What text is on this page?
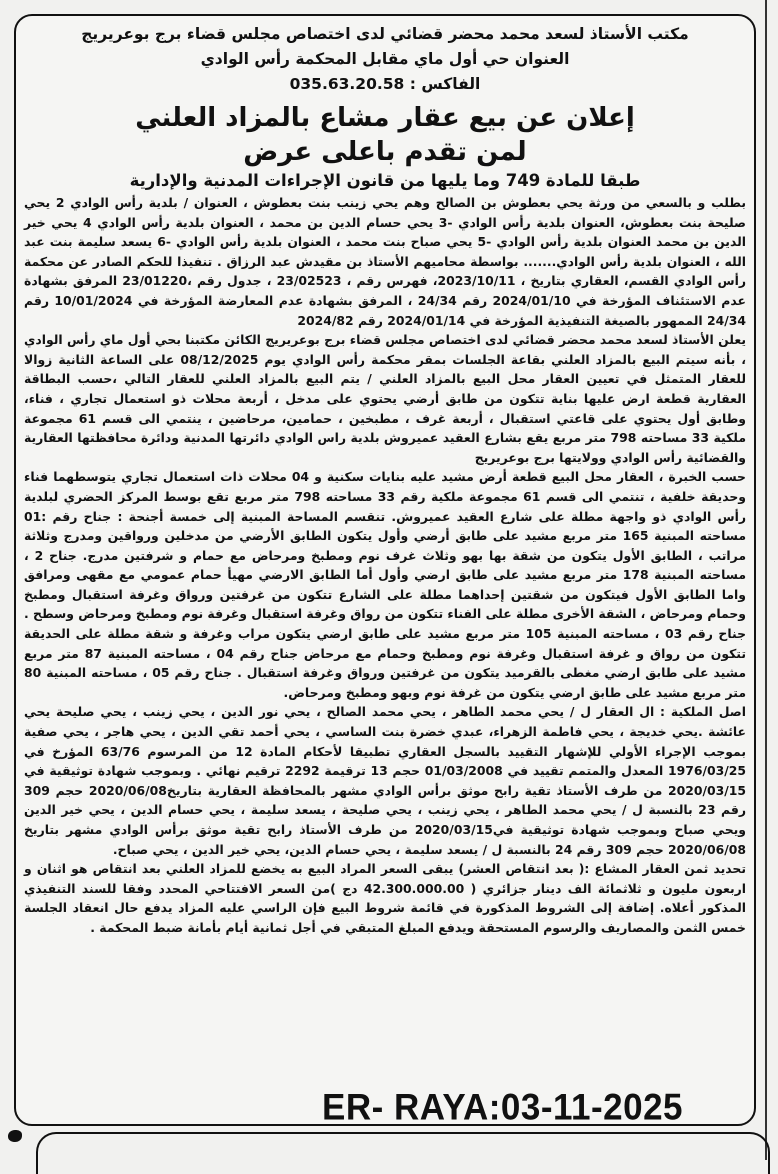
مكتب الأستاذ لسعد محمد محضر قضائي لدى اختصاص مجلس قضاء برج بوعريريج
العنوان حي أول ماي مقابل المحكمة رأس الوادي
الفاكس : 035.63.20.58
إعلان عن بيع عقار مشاع بالمزاد العلني
لمن تقدم باعلى عرض
طبقا للمادة 749 وما يليها من قانون الإجراءات المدنية والإدارية

بطلب و بالسعي من ورثة يحي بعطوش بن الصالح وهم يحي زينب بنت بعطوش ، العنوان / بلدية رأس الوادي 2 يحي صليحة بنت بعطوش، العنوان بلدية رأس الوادي -3 يحي حسام الدين بن محمد ، العنوان بلدية رأس الوادي 4 يحي خير الدين بن محمد العنوان بلدية رأس الوادي -5 يحي صباح بنت محمد ، العنوان بلدية رأس الوادي -6 يسعد سليمة بنت عبد الله ، العنوان بلدية رأس الوادي....... بواسطة محاميهم الأستاذ بن مقيدش عبد الرزاق . تنفيذا للحكم الصادر عن محكمة رأس الوادي القسم، العقاري بتاريخ ، 2023/10/11، فهرس رقم ، 23/02523 ، جدول رقم ،23/01220 المرفق بشهادة عدم الاستئناف المؤرخة في 2024/01/10 رقم 24/34 ، المرفق بشهادة عدم المعارضة المؤرخة في 10/01/2024 رقم 24/34 الممهور بالصيغة التنفيذية المؤرخة في 2024/01/14 رقم 2024/82

يعلن الأستاذ لسعد محمد محضر قضائي لدى اختصاص مجلس قضاء برج بوعريريج الكائن مكتبنا بحي أول ماي رأس الوادي ، بأنه سيتم البيع بالمزاد العلني بقاعة الجلسات بمقر محكمة رأس الوادي يوم 08/12/2025 على الساعة الثانية زوالا للعقار المتمثل في تعيين العقار محل البيع بالمزاد العلني / يتم البيع بالمزاد العلني للعقار التالي ،حسب البطاقة العقارية قطعة ارض عليها بناية تتكون من طابق أرضي يحتوي على مدخل ، أربعة محلات ذو استعمال تجاري ، فناء، وطابق أول يحتوي على قاعتي استقبال ، أربعة غرف ، مطبخين ، حمامين، مرحاضين ، ينتمي الى قسم 61 مجموعة ملكية 33 مساحته 798 متر مربع يقع بشارع العقيد عميروش بلدية راس الوادي دائرتها المدنية ودائرة محافظتها العقارية والقضائية رأس الوادي وولايتها برج بوعريريج

حسب الخبرة ، العقار محل البيع قطعة أرض مشيد عليه بنايات سكنية و 04 محلات ذات استعمال تجاري يتوسطهما فناء وحديقة خلفية ، تنتمي الى قسم 61 مجموعة ملكية رقم 33 مساحته 798 متر مربع تقع بوسط المركز الحضري لبلدية رأس الوادي ذو واجهة مطلة على شارع العقيد عميروش. تنقسم المساحة المبنية إلى خمسة أجنحة : جناح رقم :01 مساحته المبنية 165 متر مربع مشيد على طابق أرضي وأول يتكون الطابق الأرضي من مدخلين ورواقين ومدرج وثلاثة مراتب ، الطابق الأول يتكون من شقة بها بهو وثلاث غرف نوم ومطبخ ومرحاض مع حمام و شرفتين مدرج. جناح 2 ، مساحته المبنية 178 متر مربع مشيد على طابق ارضي وأول أما الطابق الارضي مهيأ حمام عمومي مع مقهى ومرافق واما الطابق الأول فيتكون من شقتين إحداهما مطلة على الشارع تتكون من غرفتين ورواق وغرفة استقبال ومطبخ وحمام ومرحاض ، الشقة الأخرى مطلة على الفناء تتكون من رواق وغرفة استقبال وغرفة نوم ومطبخ ومرحاض وسطح . جناح رقم 03 ، مساحته المبنية 105 متر مربع مشيد على طابق ارضي يتكون مراب وغرفة و شقة مطلة على الحديقة تتكون من رواق و غرفة استقبال وغرفة نوم ومطبخ وحمام مع مرحاض جناح رقم 04 ، مساحته المبنية 87 متر مربع مشيد على طابق ارضي مغطى بالقرميد يتكون من غرفتين ورواق وغرفة استقبال . جناح رقم 05 ، مساحته المبنية 80 متر مربع مشيد على طابق ارضي يتكون من غرفة نوم وبهو ومطبخ ومرحاض.

اصل الملكية : ال العقار ل / يحي محمد الطاهر ، يحي محمد الصالح ، يحي نور الدين ، يحي زينب ، يحي صليحة يحي عائشة .يحي خديجة ، يحي فاطمة الزهراء، عبدي خضرة بنت الساسي ، يحي أحمد تقي الدين ، يحي هاجر ، يحي صفية بموجب الإجراء الأولي للإشهار التقييد بالسجل العقاري تطبيقا لأحكام المادة 12 من المرسوم 63/76 المؤرخ في 1976/03/25 المعدل والمتمم تقييد في 01/03/2008 حجم 13 ترقيمة 2292 ترقيم نهائي . وبموجب شهادة توثيقية في 2020/03/15 من طرف الأستاذ تقية رابح موثق برأس الوادي مشهر بالمحافظة العقارية بتاريخ2020/06/08 حجم 309 رقم 23 بالنسبة ل / يحي محمد الطاهر ، يحي زينب ، يحي صليحة ، يسعد سليمة ، يحي حسام الدين ، يحي خير الدين ويحي صباح وبموجب شهادة توثيقية في2020/03/15 من طرف الأستاذ رابح تقية موثق برأس الوادي مشهر بتاريخ 2020/06/08 حجم 309 رقم 24 بالنسبة ل / يسعد سليمة ، يحي حسام الدين، يحي خير الدين ، يحي صباح.

تحديد ثمن العقار المشاع :( بعد انتقاص العشر) يبقى السعر المراد البيع به يخضع للمزاد العلني بعد انتقاص هو اثنان و اربعون مليون و ثلاثمائة الف دينار جزائري ( 42.300.000.00 دج )من السعر الافتتاحي المحدد وفقا للسند التنفيذي المذكور أعلاه. إضافة إلى الشروط المذكورة في قائمة شروط البيع فإن الراسي عليه المزاد يدفع حال انعقاد الجلسة خمس الثمن والمصاريف والرسوم المستحقة ويدفع المبلغ المتبقي في أجل ثمانية أيام بأمانة ضبط المحكمة .

ER- RAYA:03-11-2025
